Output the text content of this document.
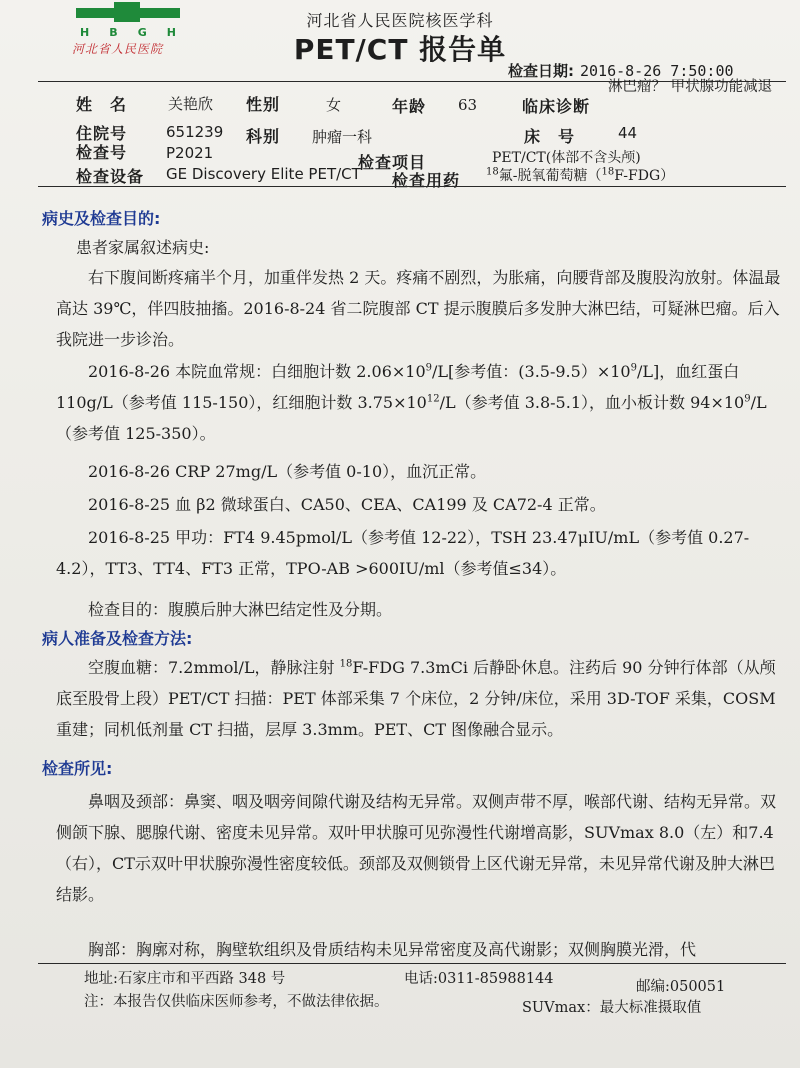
H B G H
河北省人民医院
河北省人民医院核医学科
PET/CT 报告单
检查日期: 2016-8-26 7:50:00
姓　名	关艳欣 性别	女	年龄 63	临床诊断
淋巴瘤？ 甲状腺功能减退
住院号	651239 科别 肿瘤一科	床　号	44
检查号	P2021	检查项目	PET/CT(体部不含头颅)
检查设备 GE Discovery Elite PET/CT 检查用药	$^{18}$氟-脱氧葡萄糖（$^{18}$F-FDG）
病史及检查目的:
患者家属叙述病史:
右下腹间断疼痛半个月，加重伴发热 2 天。疼痛不剧烈，为胀痛，向腰背部及腹股沟放射。体温最高达 39℃，伴四肢抽搐。2016-8-24 省二院腹部 CT 提示腹膜后多发肿大淋巴结，可疑淋巴瘤。后入我院进一步诊治。
2016-8-26 本院血常规：白细胞计数 $2.06\times 10^9/L$[参考值：$(3.5-9.5)\times 10^9/L$]，血红蛋白 110g/L（参考值 115-150），红细胞计数 $3.75\times 10^{12}/L$（参考值 3.8-5.1），血小板计数 $94\times 10^9/L$（参考值 125-350）。
2016-8-26 CRP 27mg/L（参考值 0-10），血沉正常。
2016-8-25 血 β2 微球蛋白、CA50、CEA、CA199 及 CA72-4 正常。
2016-8-25 甲功：FT4 9.45pmol/L（参考值 12-22），TSH 23.47μIU/mL（参考值 0.27-4.2），TT3、TT4、FT3 正常，TPO-AB >600IU/ml（参考值≤34）。
检查目的：腹膜后肿大淋巴结定性及分期。
病人准备及检查方法:
空腹血糖：7.2mmol/L，静脉注射 $^{18}$F-FDG 7.3mCi 后静卧休息。注药后 90 分钟行体部（从颅底至股骨上段）PET/CT 扫描：PET 体部采集 7 个床位，2 分钟/床位，采用 3D-TOF 采集，COSM 重建；同机低剂量 CT 扫描，层厚 3.3mm。PET、CT 图像融合显示。
检查所见:
鼻咽及颈部：鼻窦、咽及咽旁间隙代谢及结构无异常。双侧声带不厚，喉部代谢、结构无异常。双侧颌下腺、腮腺代谢、密度未见异常。双叶甲状腺可见弥漫性代谢增高影，SUVmax 8.0（左）和7.4（右），CT示双叶甲状腺弥漫性密度较低。颈部及双侧锁骨上区代谢无异常，未见异常代谢及肿大淋巴结影。
胸部：胸廓对称，胸壁软组织及骨质结构未见异常密度及高代谢影；双侧胸膜光滑，代
地址:石家庄市和平西路 348 号	电话:0311-85988144	邮编:050051
注：本报告仅供临床医师参考，不做法律依据。	SUVmax：最大标准摄取值
